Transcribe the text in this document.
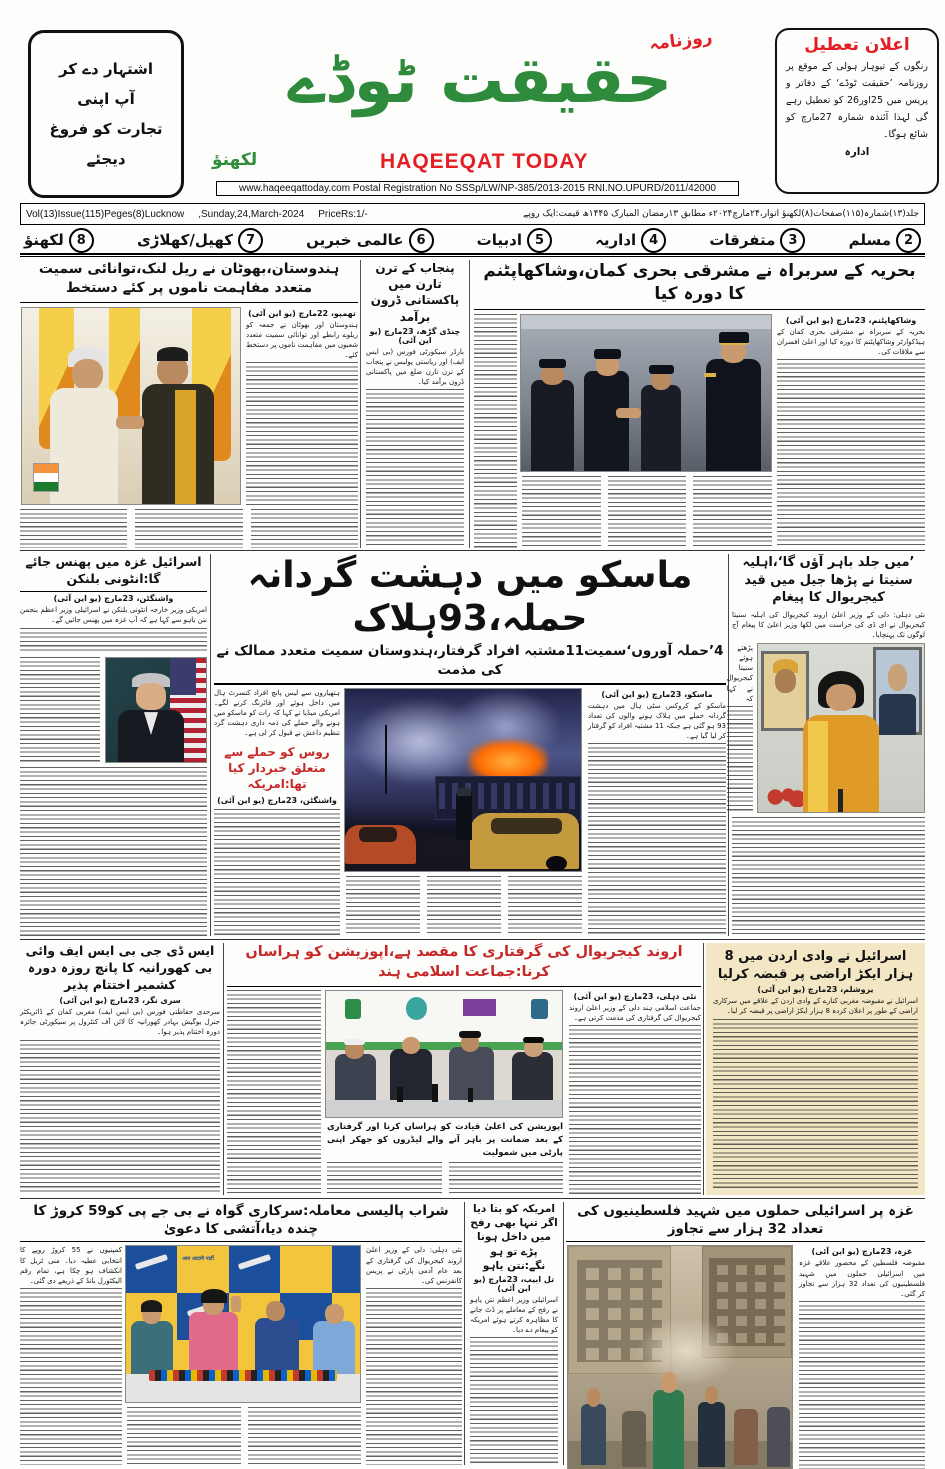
اشتہار دے کر
آپ اپنی
تجارت کو فروغ
دیجئے
روزنامہ
حقیقت ٹوڈے
لکھنؤ	HAQEEQAT TODAY
www.haqeeqattoday.com Postal Registration No SSSp/LW/NP-385/2013-2015 RNI.NO.UPURD/2011/42000
اعلان تعطیل
رنگوں کے تیوہار ہولی کے موقع پر روزنامہ ’حقیقت ٹوڈے‘ کے دفاتر و پریس میں 25اور26 کو تعطیل رہے گی لہذا آئندہ شمارہ 27مارچ کو شائع ہوگا۔
ادارہ
Vol(13)Issue(115)Peges(8)Lucknow ,Sunday,24,March-2024 PriceRs:1/-	جلد(۱۳)شمارہ(۱۱۵)صفحات(۸)لکھنؤ اتوار،۲۴مارچ۲۰۲۴ء مطابق ۱۳رمضان المبارک ۱۴۴۵ھ قیمت:ایک روپے
2
مسلم
3
متفرقات
4
اداریہ
5
ادبیات
6
عالمی خبریں
7
کھیل/کھلاڑی
8
لکھنؤ
ہندوستان،بھوٹان نے ریل لنک،توانائی سمیت متعدد مفاہمت ناموں پر کئے دستخط
تھمپو، 22مارچ (یو این آئی)
ہندوستان اور بھوٹان نے جمعہ کو ریلوے رابطے اور توانائی سمیت متعدد شعبوں میں مفاہمت ناموں پر دستخط کئے۔
پنجاب کے ترن تارن میں پاکستانی ڈرون برآمد
چنڈی گڑھ، 23مارچ (یو این آئی)
بارڈر سیکورٹی فورس (بی ایس ایف) اور ریاستی پولیس نے پنجاب کے ترن تارن ضلع میں پاکستانی ڈرون برآمد کیا۔
بحریہ کے سربراہ نے مشرقی بحری کمان،وشاکھاپٹنم کا دورہ کیا
وشاکھاپٹنم، 23مارچ (یو این آئی)
بحریہ کے سربراہ نے مشرقی بحری کمان کے ہیڈکوارٹر وشاکھاپٹنم کا دورہ کیا اور اعلیٰ افسران سے ملاقات کی۔
اسرائیل غزہ میں پھنس جائے گا:انٹونی بلنکن
واشنگٹن، 23مارچ (یو این آئی)
امریکی وزیر خارجہ انٹونی بلنکن نے اسرائیلی وزیر اعظم بنجمن نتن یاہو سے کہا ہے کہ آپ غزہ میں پھنس جائیں گے۔
ماسکو میں دہشت گردانہ حملہ،93ہلاک
4’حملہ آوروں‘سمیت11مشتبہ افراد گرفتار،ہندوستان سمیت متعدد ممالک نے کی مذمت
ماسکو، 23مارچ (یو این آئی)
ماسکو کے کروکس سٹی ہال میں دہشت گردانہ حملے میں ہلاک ہونے والوں کی تعداد 93 ہو گئی ہے جبکہ 11 مشتبہ افراد کو گرفتار کر لیا گیا ہے۔
ہتھیاروں سے لیس پانچ افراد کنسرٹ ہال میں داخل ہوئے اور فائرنگ کرنے لگے۔ امریکی میڈیا نے کہا کہ رات کو ماسکو میں ہونے والے حملے کی ذمہ داری دہشت گرد تنظیم داعش نے قبول کر لی ہے۔
روس کو حملے سے متعلق خبردار کیا تھا:امریکہ
واشنگٹن، 23مارچ (یو این آئی)
’میں جلد باہر آؤں گا‘،اہلیہ سنیتا نے پڑھا جیل میں قید کیجریوال کا پیغام
نئی دہلی: دلی کے وزیر اعلیٰ اروند کیجریوال کی اہلیہ سنیتا کیجریوال نے ای ڈی کی حراست میں لکھا وزیر اعلیٰ کا پیغام آج لوگوں تک پہنچایا۔
پڑھتے ہوئے سنیتا کیجریوال نے کہا کہ
ایس ڈی جی بی ایس ایف وائی بی کھورانیہ کا پانچ روزہ دورہ کشمیر اختتام پذیر
سری نگر، 23مارچ (یو این آئی)
سرحدی حفاظتی فورس (بی ایس ایف) مغربی کمان کے ڈائریکٹر جنرل یوگیش بہادر کھورانیہ کا لائن آف کنٹرول پر سیکورٹی جائزہ دورہ اختتام پذیر ہوا۔
اروند کیجریوال کی گرفتاری کا مقصد ہے،اپوزیشن کو ہراساں کرنا:جماعت اسلامی ہند
نئی دہلی، 23مارچ (یو این آئی)
جماعت اسلامی ہند دلی کے وزیر اعلیٰ اروند کیجریوال کی گرفتاری کی مذمت کرتی ہے۔
اپوزیشن کی اعلیٰ قیادت کو ہراساں کرنا اور گرفتاری کے بعد ضمانت پر باہر آنے والے لیڈروں کو جھکر اپنی پارٹی میں شمولیت
اسرائیل نے وادی اردن میں 8 ہزار ایکڑ اراضی پر قبضہ کرلیا
یروشلم، 23مارچ (یو این آئی)
اسرائیل نے مقبوضہ مغربی کنارے کے وادی اردن کے علاقے میں سرکاری اراضی کے طور پر اعلان کردہ 8 ہزار ایکڑ اراضی پر قبضہ کر لیا۔
شراب پالیسی معاملہ:سرکاری گواہ نے بی جے پی کو59 کروڑ کا چندہ دیا،آتشی کا دعویٰ
نئی دہلی: دلی کے وزیر اعلیٰ اروند کیجریوال کی گرفتاری کے بعد عام آدمی پارٹی نے پریس کانفرنس کی۔
आम आदमी पार्टी
کمپنیوں نے 55 کروڑ روپے کا انتخابی عطیہ دیا۔ منی ٹریل کا انکشاف ہو چکا ہے، تمام رقم الیکٹورل بانڈ کے ذریعے دی گئی۔
امریکہ کو بتا دیا اگر تنہا بھی رفح میں داخل ہونا پڑے تو ہو نگے:نتن یاہو
تل ابیب، 23مارچ (یو این آئی)
اسرائیلی وزیر اعظم نتن یاہو نے رفح کے معاملے پر ڈٹ جانے کا مظاہرہ کرتے ہوئے امریکہ کو پیغام دے دیا۔
غزہ پر اسرائیلی حملوں میں شہید فلسطینیوں کی تعداد 32 ہزار سے تجاوز
غزہ، 23مارچ (یو این آئی)
مقبوضہ فلسطین کے محصور علاقے غزہ میں اسرائیلی حملوں میں شہید فلسطینیوں کی تعداد 32 ہزار سے تجاوز کر گئی۔
